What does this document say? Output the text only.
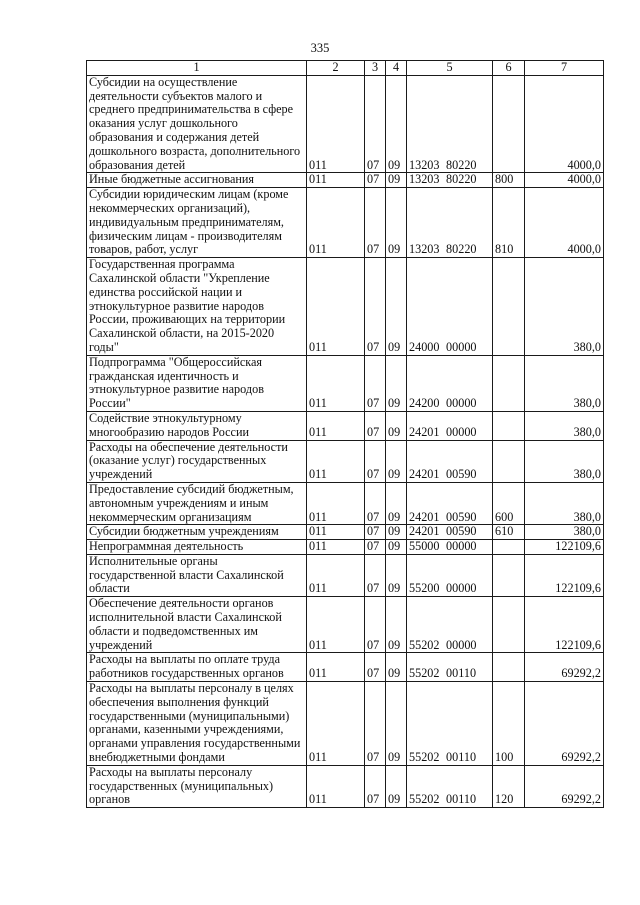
335
1	2	3	4	5	6	7
Субсидии на осуществление деятельности субъектов малого и среднего предпринимательства в сфере оказания услуг дошкольного образования и содержания детей дошкольного возраста, дополнительного образования детей	011	07	09	13203 80220		4000,0
Иные бюджетные ассигнования	011	07	09	13203 80220	800	4000,0
Субсидии юридическим лицам (кроме некоммерческих организаций), индивидуальным предпринимателям, физическим лицам - производителям товаров, работ, услуг	011	07	09	13203 80220	810	4000,0
Государственная программа Сахалинской области "Укрепление единства российской нации и этнокультурное развитие народов России, проживающих на территории Сахалинской области, на 2015-2020 годы"	011	07	09	24000 00000		380,0
Подпрограмма "Общероссийская гражданская идентичность и этнокультурное развитие народов России"	011	07	09	24200 00000		380,0
Содействие этнокультурному многообразию народов России	011	07	09	24201 00000		380,0
Расходы на обеспечение деятельности (оказание услуг) государственных учреждений	011	07	09	24201 00590		380,0
Предоставление субсидий бюджетным, автономным учреждениям и иным некоммерческим организациям	011	07	09	24201 00590	600	380,0
Субсидии бюджетным учреждениям	011	07	09	24201 00590	610	380,0
Непрограммная деятельность	011	07	09	55000 00000		122109,6
Исполнительные органы государственной власти Сахалинской области	011	07	09	55200 00000		122109,6
Обеспечение деятельности органов исполнительной власти Сахалинской области и подведомственных им учреждений	011	07	09	55202 00000		122109,6
Расходы на выплаты по оплате труда работников государственных органов	011	07	09	55202 00110		69292,2
Расходы на выплаты персоналу в целях обеспечения выполнения функций государственными (муниципальными) органами, казенными учреждениями, органами управления государственными внебюджетными фондами	011	07	09	55202 00110	100	69292,2
Расходы на выплаты персоналу государственных (муниципальных) органов	011	07	09	55202 00110	120	69292,2
